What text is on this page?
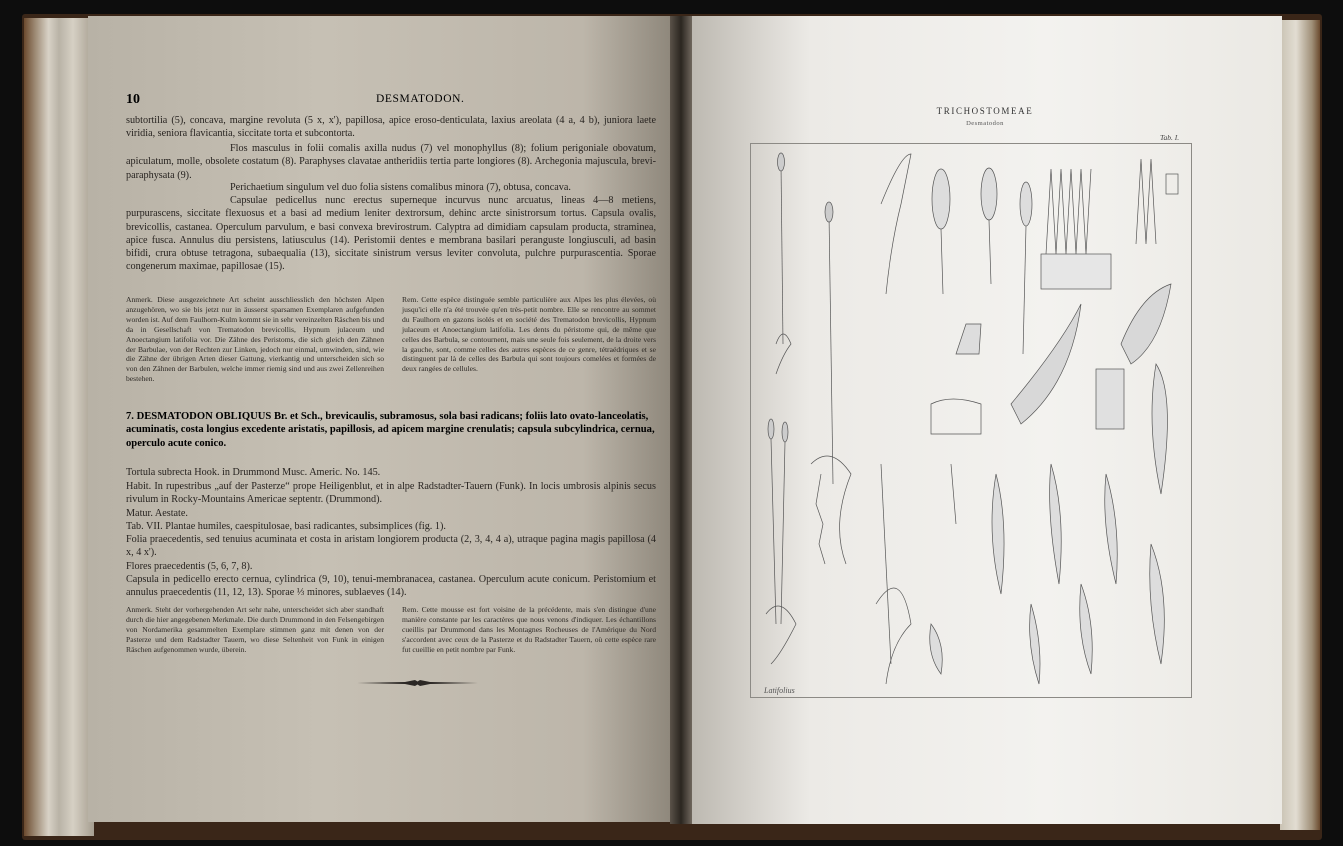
10	DESMATODON.
subtortilia (5), concava, margine revoluta (5 x, x'), papillosa, apice eroso-denticulata, laxius areolata (4 a, 4 b), juniora laete viridia, seniora flavicantia, siccitate torta et subcontorta.
Flos masculus in folii comalis axilla nudus (7) vel monophyllus (8); folium perigoniale obovatum, apiculatum, molle, obsolete costatum (8). Paraphyses clavatae antheridiis tertia parte longiores (8). Archegonia majuscula, brevi-paraphysata (9).
Perichaetium singulum vel duo folia sistens comalibus minora (7), obtusa, concava.
Capsulae pedicellus nunc erectus superneque incurvus nunc arcuatus, lineas 4—8 metiens, purpurascens, siccitate flexuosus et a basi ad medium leniter dextrorsum, dehinc arcte sinistrorsum tortus. Capsula ovalis, brevicollis, castanea. Operculum parvulum, e basi convexa brevirostrum. Calyptra ad dimidiam capsulam producta, straminea, apice fusca. Annulus diu persistens, latiusculus (14). Peristomii dentes e membrana basilari peranguste longiusculi, ad basin bifidi, crura obtuse tetragona, subaequalia (13), siccitate sinistrum versus leviter convoluta, pulchre purpurascentia. Sporae congenerum maximae, papillosae (15).
Anmerk. Diese ausgezeichnete Art scheint ausschliesslich den höchsten Alpen anzugehören, wo sie bis jetzt nur in äusserst sparsamen Exemplaren aufgefunden worden ist. Auf dem Faulhorn-Kulm kommt sie in sehr vereinzelten Räschen bis und da in Gesellschaft von Trematodon brevicollis, Hypnum julaceum und Anoectangium latifolia vor. Die Zähne des Peristoms, die sich gleich den Zähnen der Barbulae, von der Rechten zur Linken, jedoch nur einmal, umwinden, sind, wie die Zähne der übrigen Arten dieser Gattung, vierkantig und unterscheiden sich so von den Zähnen der Barbulen, welche immer riemig sind und aus zwei Zellenreihen bestehen.
Rem. Cette espèce distinguée semble particulière aux Alpes les plus élevées, où jusqu'ici elle n'a été trouvée qu'en très-petit nombre. Elle se rencontre au sommet du Faulhorn en gazons isolés et en société des Trematodon brevicollis, Hypnum julaceum et Anoectangium latifolia. Les dents du péristome qui, de même que celles des Barbula, se contournent, mais une seule fois seulement, de la droite vers la gauche, sont, comme celles des autres espèces de ce genre, tétraédriques et se distinguent par là de celles des Barbula qui sont toujours comelées et formées de deux rangées de cellules.
7. DESMATODON OBLIQUUS Br. et Sch., brevicaulis, subramosus, sola basi radicans; foliis lato ovato-lanceolatis, acuminatis, costa longius excedente aristatis, papillosis, ad apicem margine crenulatis; capsula subcylindrica, cernua, operculo acute conico.
Tortula subrecta Hook. in Drummond Musc. Americ. No. 145.
Habit. In rupestribus „auf der Pasterze“ prope Heiligenblut, et in alpe Radstadter-Tauern (Funk). In locis umbrosis alpinis secus rivulum in Rocky-Mountains Americae septentr. (Drummond).
Matur. Aestate.
Tab. VII. Plantae humiles, caespitulosae, basi radicantes, subsimplices (fig. 1).
Folia praecedentis, sed tenuius acuminata et costa in aristam longiorem producta (2, 3, 4, 4 a), utraque pagina magis papillosa (4 x, 4 x').
Flores praecedentis (5, 6, 7, 8).
Capsula in pedicello erecto cernua, cylindrica (9, 10), tenui-membranacea, castanea. Operculum acute conicum. Peristomium et annulus praecedentis (11, 12, 13). Sporae ⅓ minores, sublaeves (14).
Anmerk. Steht der vorhergehenden Art sehr nahe, unterscheidet sich aber standhaft durch die hier angegebenen Merkmale. Die durch Drummond in den Felsengebirgen von Nordamerika gesammelten Exemplare stimmen ganz mit denen von der Pasterze und dem Radstadter Tauern, wo diese Seltenheit von Funk in einigen Räschen aufgenommen wurde, überein.
Rem. Cette mousse est fort voisine de la précédente, mais s'en distingue d'une manière constante par les caractères que nous venons d'indiquer. Les échantillons cueillis par Drummond dans les Montagnes Rocheuses de l'Amérique du Nord s'accordent avec ceux de la Pasterze et du Radstadter Tauern, où cette espèce rare fut cueillie en petit nombre par Funk.
TRICHOSTOMEAE
Desmatodon
Tab. I.
Latifolius
